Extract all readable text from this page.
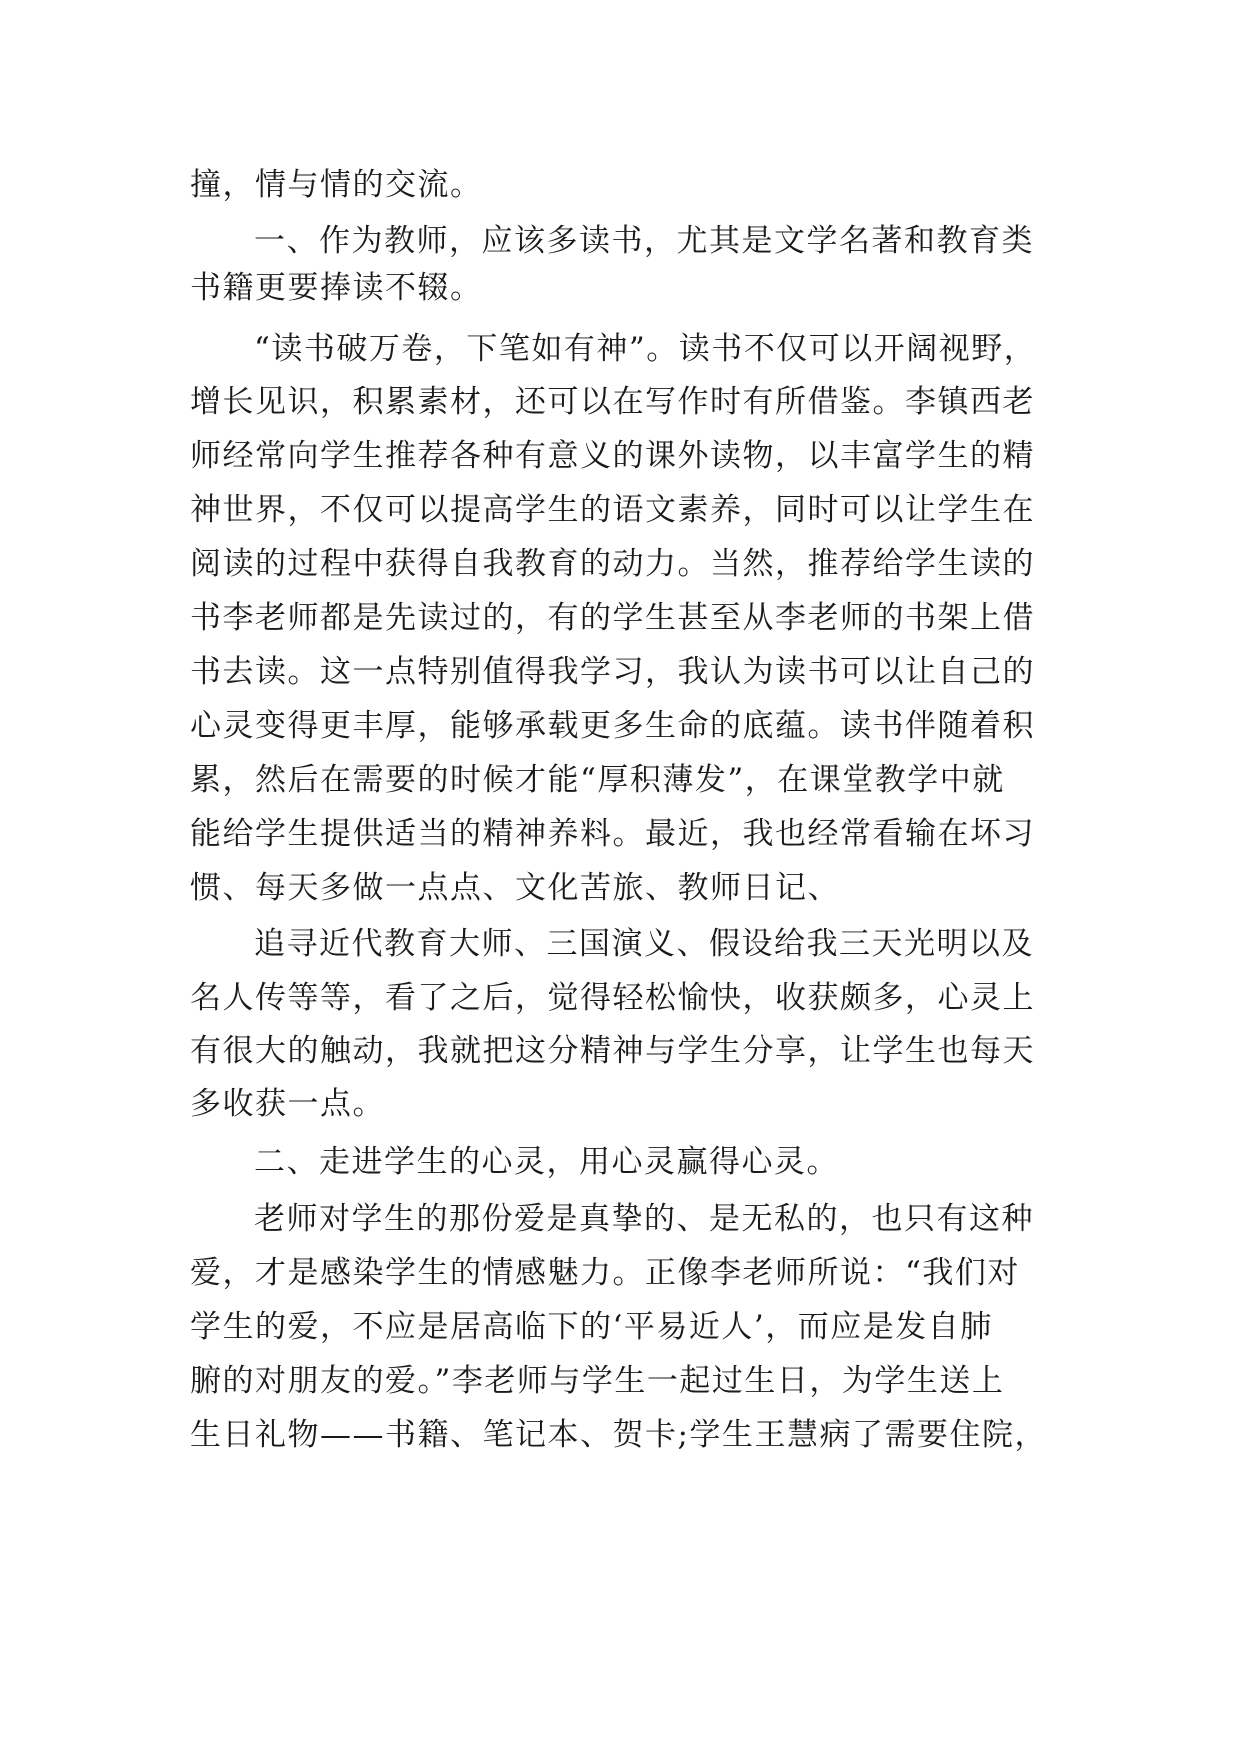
撞，情与情的交流。
一、作为教师，应该多读书，尤其是文学名著和教育类
书籍更要捧读不辍。
“读书破万卷，下笔如有神”。读书不仅可以开阔视野，
增长见识，积累素材，还可以在写作时有所借鉴。李镇西老
师经常向学生推荐各种有意义的课外读物，以丰富学生的精
神世界，不仅可以提高学生的语文素养，同时可以让学生在
阅读的过程中获得自我教育的动力。当然，推荐给学生读的
书李老师都是先读过的，有的学生甚至从李老师的书架上借
书去读。这一点特别值得我学习，我认为读书可以让自己的
心灵变得更丰厚，能够承载更多生命的底蕴。读书伴随着积
累，然后在需要的时候才能“厚积薄发”，在课堂教学中就
能给学生提供适当的精神养料。最近，我也经常看输在坏习
惯、每天多做一点点、文化苦旅、教师日记、
追寻近代教育大师、三国演义、假设给我三天光明以及
名人传等等，看了之后，觉得轻松愉快，收获颇多，心灵上
有很大的触动，我就把这分精神与学生分享，让学生也每天
多收获一点。
二、走进学生的心灵，用心灵赢得心灵。
老师对学生的那份爱是真挚的、是无私的，也只有这种
爱，才是感染学生的情感魅力。正像李老师所说：“我们对
学生的爱，不应是居高临下的‘平易近人’，而应是发自肺
腑的对朋友的爱。”李老师与学生一起过生日，为学生送上
生日礼物——书籍、笔记本、贺卡;学生王慧病了需要住院，
